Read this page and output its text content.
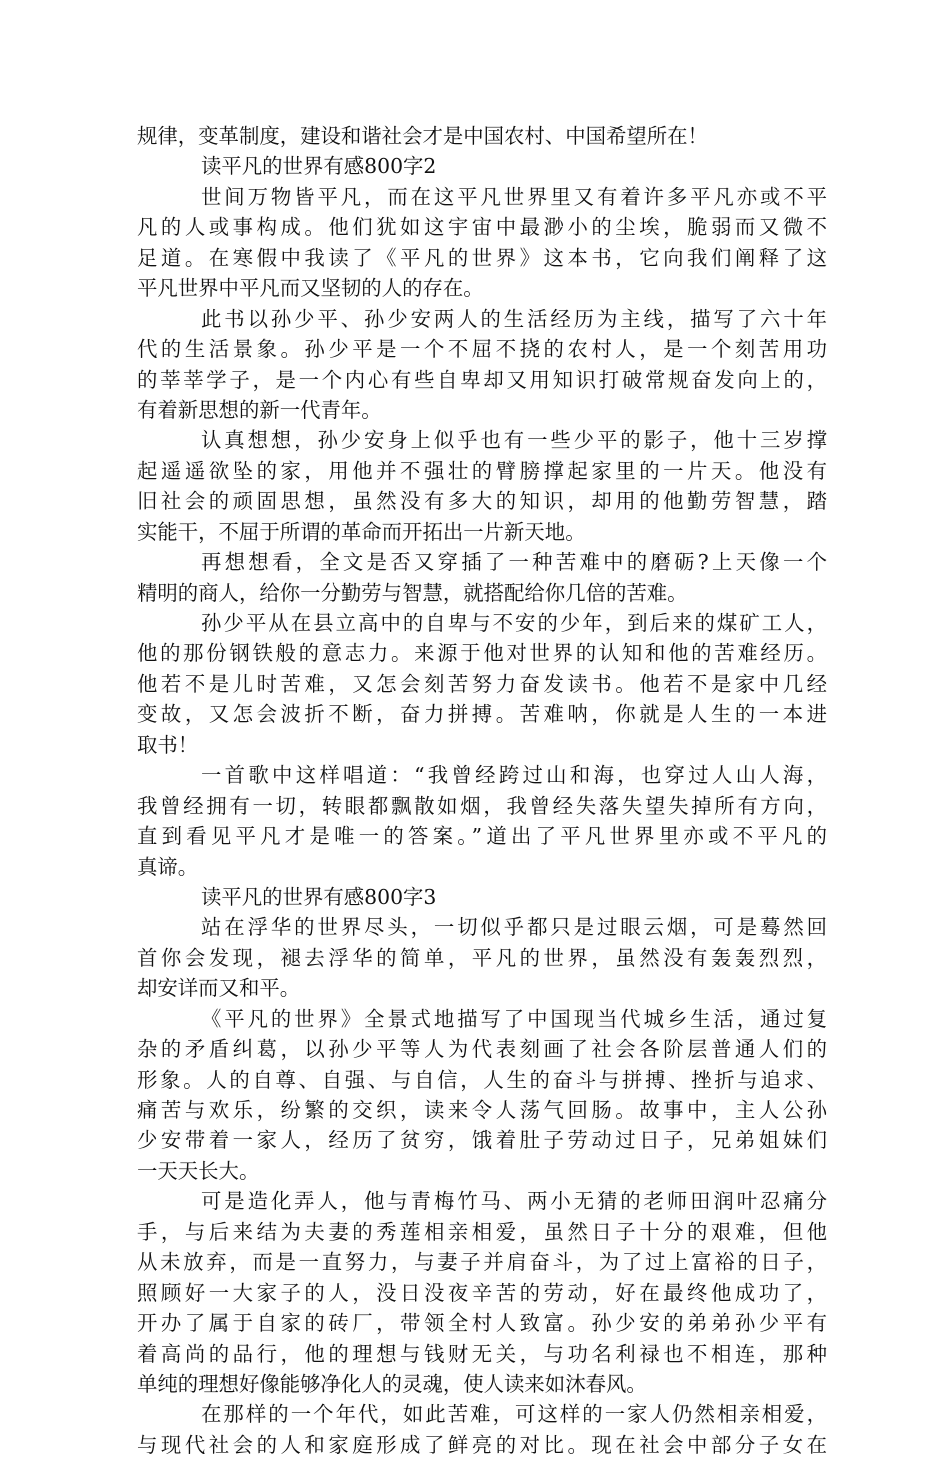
规律，变革制度，建设和谐社会才是中国农村、中国希望所在！
读平凡的世界有感800字2
世间万物皆平凡，而在这平凡世界里又有着许多平凡亦或不平
凡的人或事构成。他们犹如这宇宙中最渺小的尘埃，脆弱而又微不
足道。在寒假中我读了《平凡的世界》这本书，它向我们阐释了这
平凡世界中平凡而又坚韧的人的存在。
此书以孙少平、孙少安两人的生活经历为主线，描写了六十年
代的生活景象。孙少平是一个不屈不挠的农村人，是一个刻苦用功
的莘莘学子，是一个内心有些自卑却又用知识打破常规奋发向上的，
有着新思想的新一代青年。
认真想想，孙少安身上似乎也有一些少平的影子，他十三岁撑
起遥遥欲坠的家，用他并不强壮的臂膀撑起家里的一片天。他没有
旧社会的顽固思想，虽然没有多大的知识，却用的他勤劳智慧，踏
实能干，不屈于所谓的革命而开拓出一片新天地。
再想想看，全文是否又穿插了一种苦难中的磨砺?上天像一个
精明的商人，给你一分勤劳与智慧，就搭配给你几倍的苦难。
孙少平从在县立高中的自卑与不安的少年，到后来的煤矿工人，
他的那份钢铁般的意志力。来源于他对世界的认知和他的苦难经历。
他若不是儿时苦难，又怎会刻苦努力奋发读书。他若不是家中几经
变故，又怎会波折不断，奋力拼搏。苦难呐，你就是人生的一本进
取书！
一首歌中这样唱道：“我曾经跨过山和海，也穿过人山人海，
我曾经拥有一切，转眼都飘散如烟，我曾经失落失望失掉所有方向，
直到看见平凡才是唯一的答案。”道出了平凡世界里亦或不平凡的
真谛。
读平凡的世界有感800字3
站在浮华的世界尽头，一切似乎都只是过眼云烟，可是蓦然回
首你会发现，褪去浮华的简单，平凡的世界，虽然没有轰轰烈烈，
却安详而又和平。
《平凡的世界》全景式地描写了中国现当代城乡生活，通过复
杂的矛盾纠葛，以孙少平等人为代表刻画了社会各阶层普通人们的
形象。人的自尊、自强、与自信，人生的奋斗与拼搏、挫折与追求、
痛苦与欢乐，纷繁的交织，读来令人荡气回肠。故事中，主人公孙
少安带着一家人，经历了贫穷，饿着肚子劳动过日子，兄弟姐妹们
一天天长大。
可是造化弄人，他与青梅竹马、两小无猜的老师田润叶忍痛分
手，与后来结为夫妻的秀莲相亲相爱，虽然日子十分的艰难，但他
从未放弃，而是一直努力，与妻子并肩奋斗，为了过上富裕的日子，
照顾好一大家子的人，没日没夜辛苦的劳动，好在最终他成功了，
开办了属于自家的砖厂，带领全村人致富。孙少安的弟弟孙少平有
着高尚的品行，他的理想与钱财无关，与功名利禄也不相连，那种
单纯的理想好像能够净化人的灵魂，使人读来如沐春风。
在那样的一个年代，如此苦难，可这样的一家人仍然相亲相爱，
与现代社会的人和家庭形成了鲜亮的对比。现在社会中部分子女在
